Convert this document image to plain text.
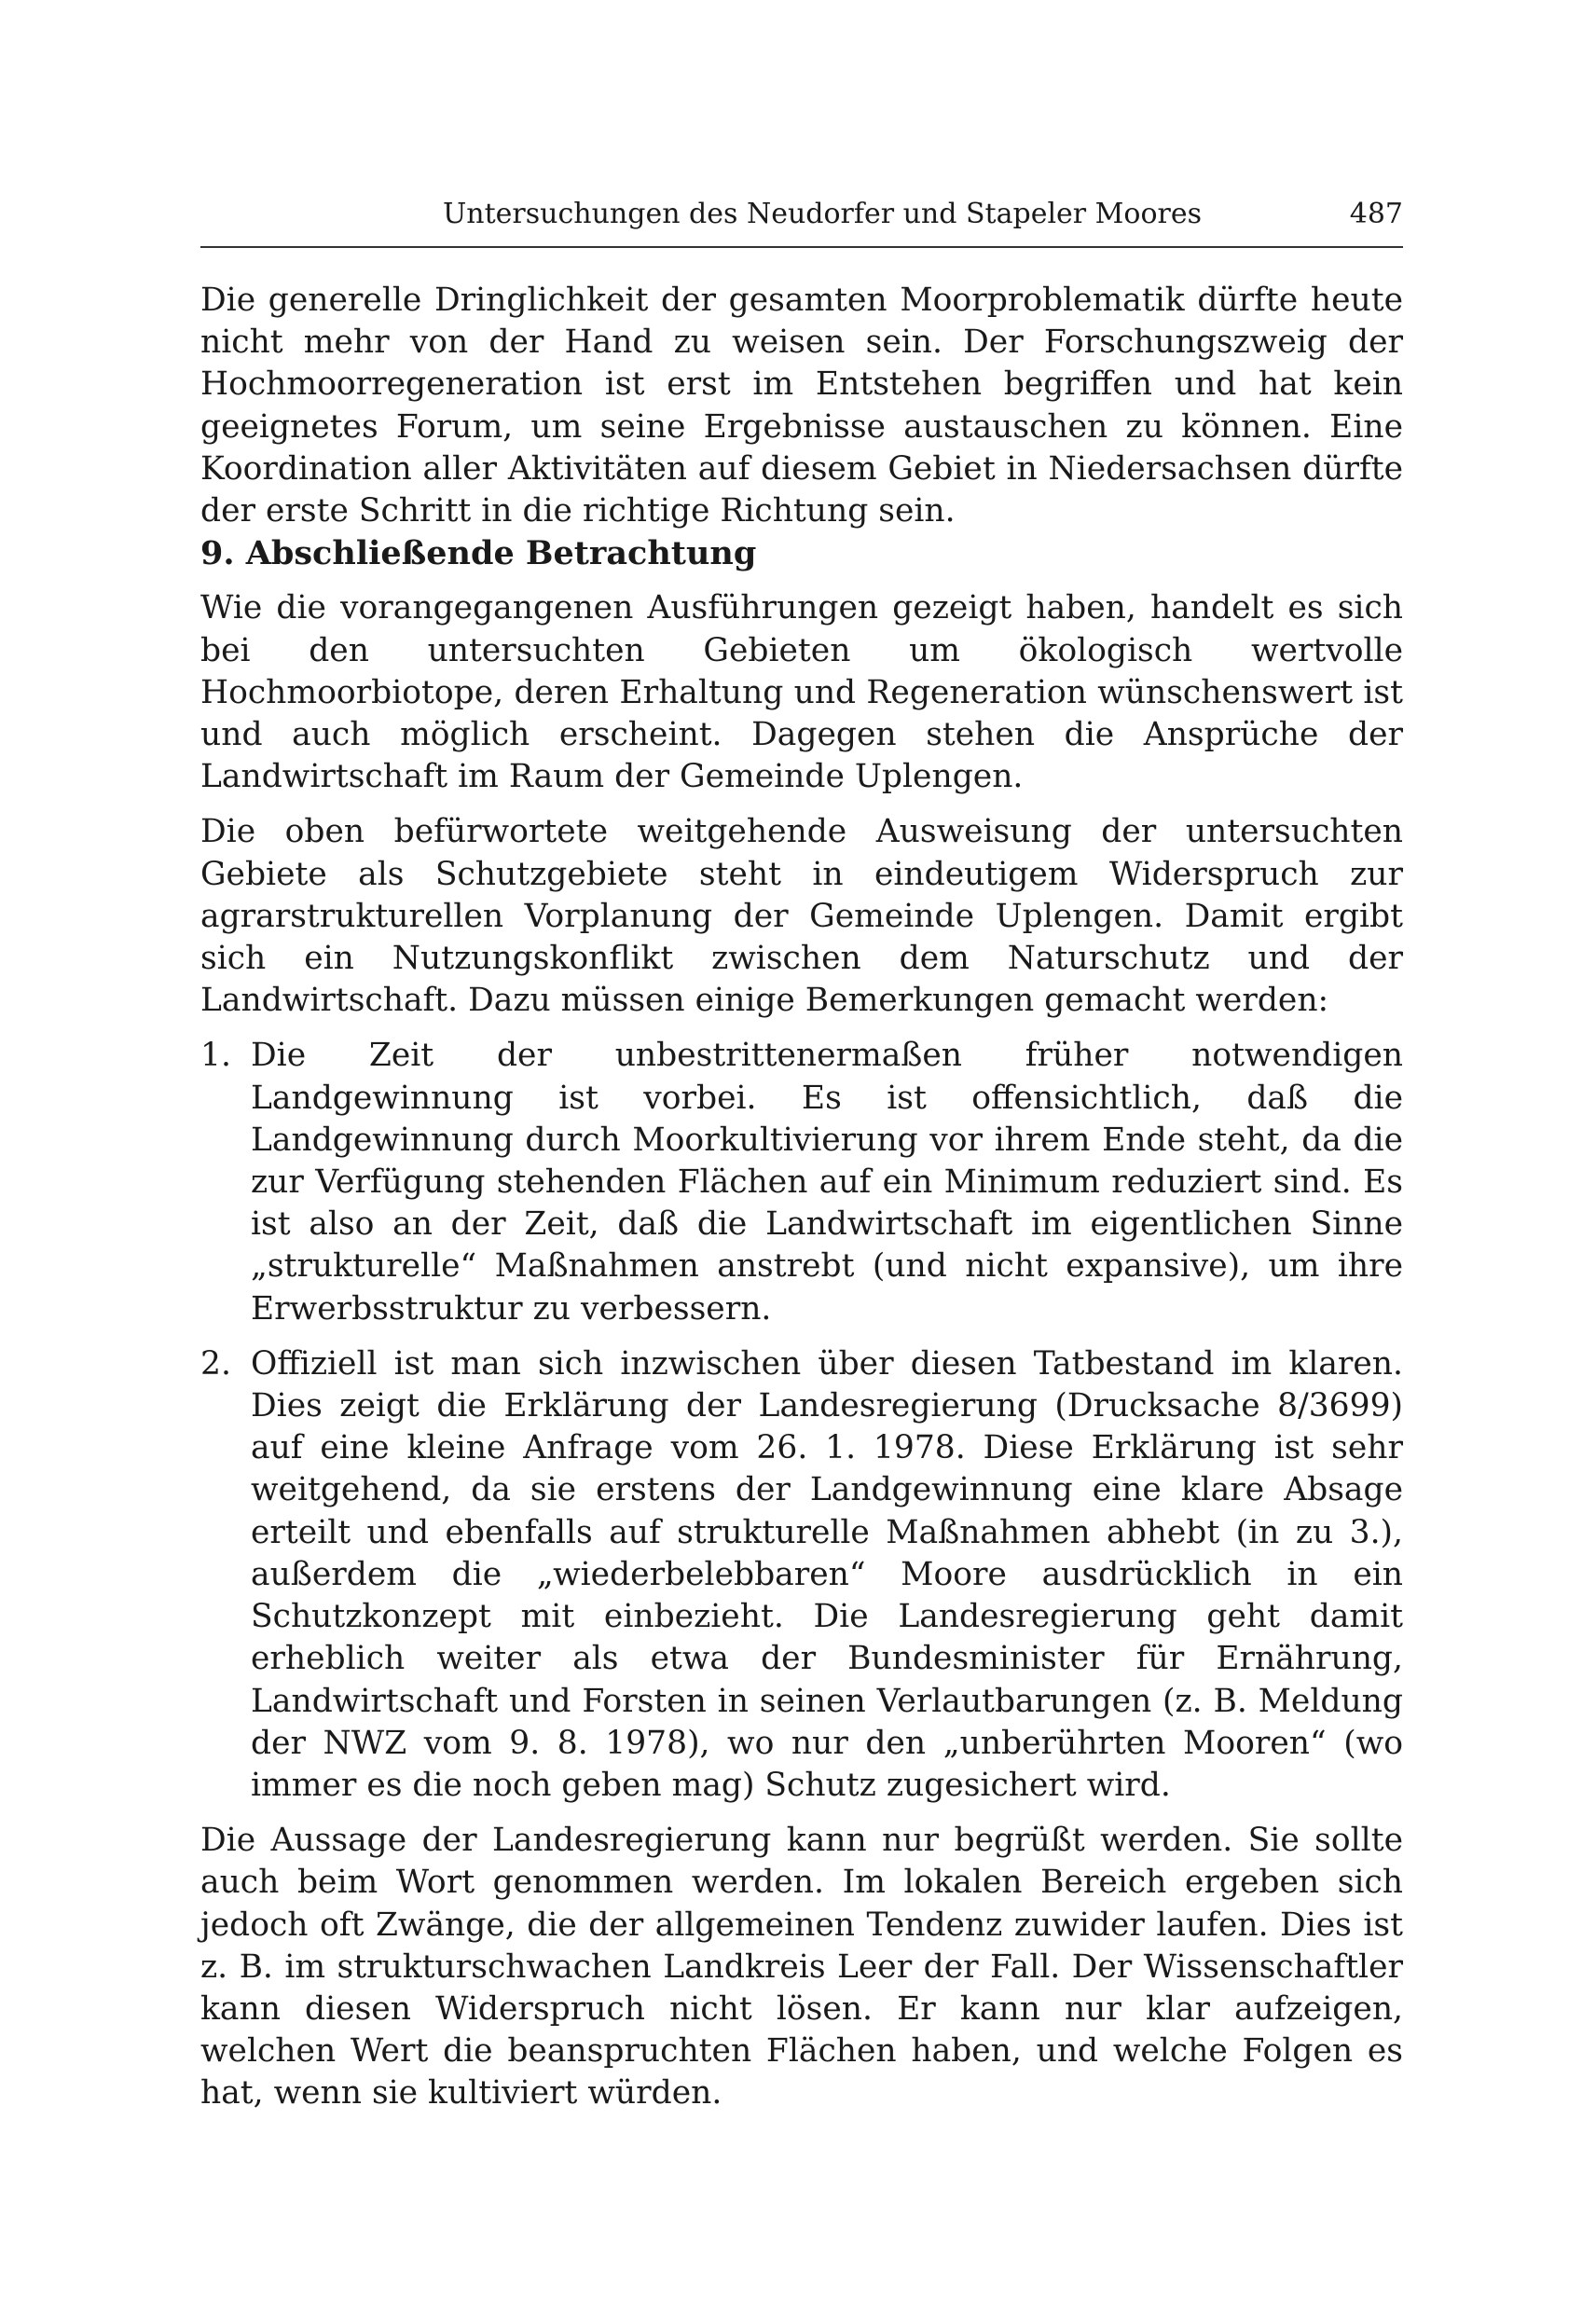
Untersuchungen des Neudorfer und Stapeler Moores	487

Die generelle Dringlichkeit der gesamten Moorproblematik dürfte heute nicht mehr von der Hand zu weisen sein. Der Forschungszweig der Hochmoorregeneration ist erst im Entstehen begriffen und hat kein geeignetes Forum, um seine Ergebnisse austauschen zu können. Eine Koordination aller Aktivitäten auf diesem Gebiet in Niedersachsen dürfte der erste Schritt in die richtige Richtung sein.

9. Abschließende Betrachtung

Wie die vorangegangenen Ausführungen gezeigt haben, handelt es sich bei den untersuchten Gebieten um ökologisch wertvolle Hochmoorbiotope, deren Erhaltung und Regeneration wünschenswert ist und auch möglich erscheint. Dagegen stehen die Ansprüche der Landwirtschaft im Raum der Gemeinde Uplengen.

Die oben befürwortete weitgehende Ausweisung der untersuchten Gebiete als Schutzgebiete steht in eindeutigem Widerspruch zur agrarstrukturellen Vorplanung der Gemeinde Uplengen. Damit ergibt sich ein Nutzungskonflikt zwischen dem Naturschutz und der Landwirtschaft. Dazu müssen einige Bemerkungen gemacht werden:

1. Die Zeit der unbestrittenermaßen früher notwendigen Landgewinnung ist vorbei. Es ist offensichtlich, daß die Landgewinnung durch Moorkultivierung vor ihrem Ende steht, da die zur Verfügung stehenden Flächen auf ein Minimum reduziert sind. Es ist also an der Zeit, daß die Landwirtschaft im eigentlichen Sinne „strukturelle“ Maßnahmen anstrebt (und nicht expansive), um ihre Erwerbsstruktur zu verbessern.
2. Offiziell ist man sich inzwischen über diesen Tatbestand im klaren. Dies zeigt die Erklärung der Landesregierung (Drucksache 8/3699) auf eine kleine Anfrage vom 26. 1. 1978. Diese Erklärung ist sehr weitgehend, da sie erstens der Landgewinnung eine klare Absage erteilt und ebenfalls auf strukturelle Maßnahmen abhebt (in zu 3.), außerdem die „wiederbelebbaren“ Moore ausdrücklich in ein Schutzkonzept mit einbezieht. Die Landesregierung geht damit erheblich weiter als etwa der Bundesminister für Ernährung, Landwirtschaft und Forsten in seinen Verlautbarungen (z. B. Meldung der NWZ vom 9. 8. 1978), wo nur den „unberührten Mooren“ (wo immer es die noch geben mag) Schutz zugesichert wird.

Die Aussage der Landesregierung kann nur begrüßt werden. Sie sollte auch beim Wort genommen werden. Im lokalen Bereich ergeben sich jedoch oft Zwänge, die der allgemeinen Tendenz zuwider laufen. Dies ist z. B. im strukturschwachen Landkreis Leer der Fall. Der Wissenschaftler kann diesen Widerspruch nicht lösen. Er kann nur klar aufzeigen, welchen Wert die beanspruchten Flächen haben, und welche Folgen es hat, wenn sie kultiviert würden.
